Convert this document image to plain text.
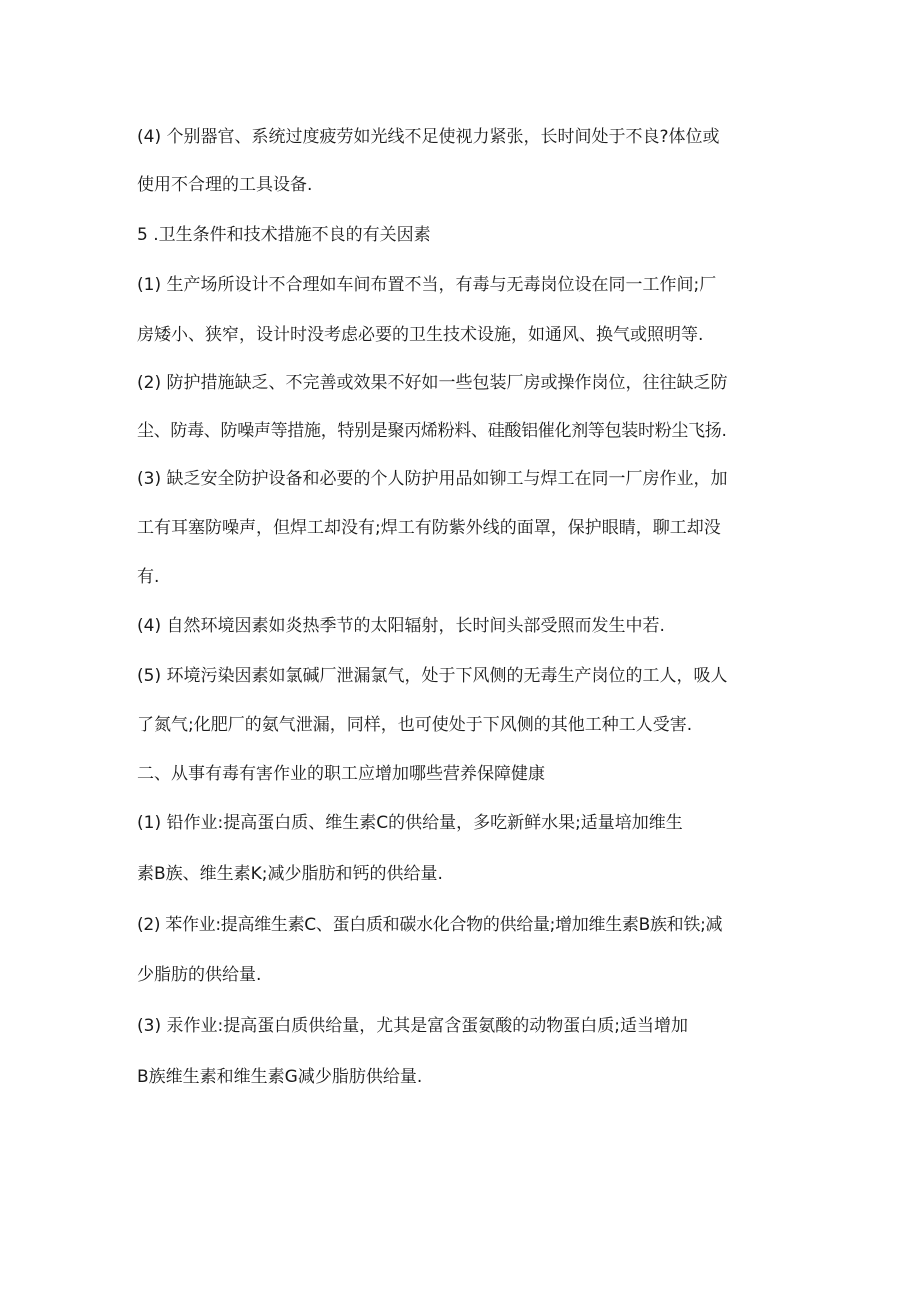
(4) 个别器官、系统过度疲劳如光线不足使视力紧张，长时间处于不良?体位或
使用不合理的工具设备.
5 .卫生条件和技术措施不良的有关因素
(1) 生产场所设计不合理如车间布置不当，有毒与无毒岗位设在同一工作间;厂
房矮小、狭窄，设计时没考虑必要的卫生技术设施，如通风、换气或照明等.
(2) 防护措施缺乏、不完善或效果不好如一些包装厂房或操作岗位，往往缺乏防
尘、防毒、防噪声等措施，特别是聚丙烯粉料、硅酸铝催化剂等包装时粉尘飞扬.
(3) 缺乏安全防护设备和必要的个人防护用品如铆工与焊工在同一厂房作业，加
工有耳塞防噪声，但焊工却没有;焊工有防紫外线的面罩，保护眼睛，聊工却没
有.
(4) 自然环境因素如炎热季节的太阳辐射，长时间头部受照而发生中若.
(5) 环境污染因素如氯碱厂泄漏氯气，处于下风侧的无毒生产岗位的工人，吸人
了氮气;化肥厂的氨气泄漏，同样，也可使处于下风侧的其他工种工人受害.
二、从事有毒有害作业的职工应增加哪些营养保障健康
(1) 铅作业:提高蛋白质、维生素C的供给量，多吃新鲜水果;适量培加维生
素B族、维生素K;减少脂肪和钙的供给量.
(2) 苯作业:提高维生素C、蛋白质和碳水化合物的供给量;增加维生素B族和铁;减
少脂肪的供给量.
(3) 汞作业:提高蛋白质供给量，尤其是富含蛋氨酸的动物蛋白质;适当增加
B族维生素和维生素G减少脂肪供给量.
